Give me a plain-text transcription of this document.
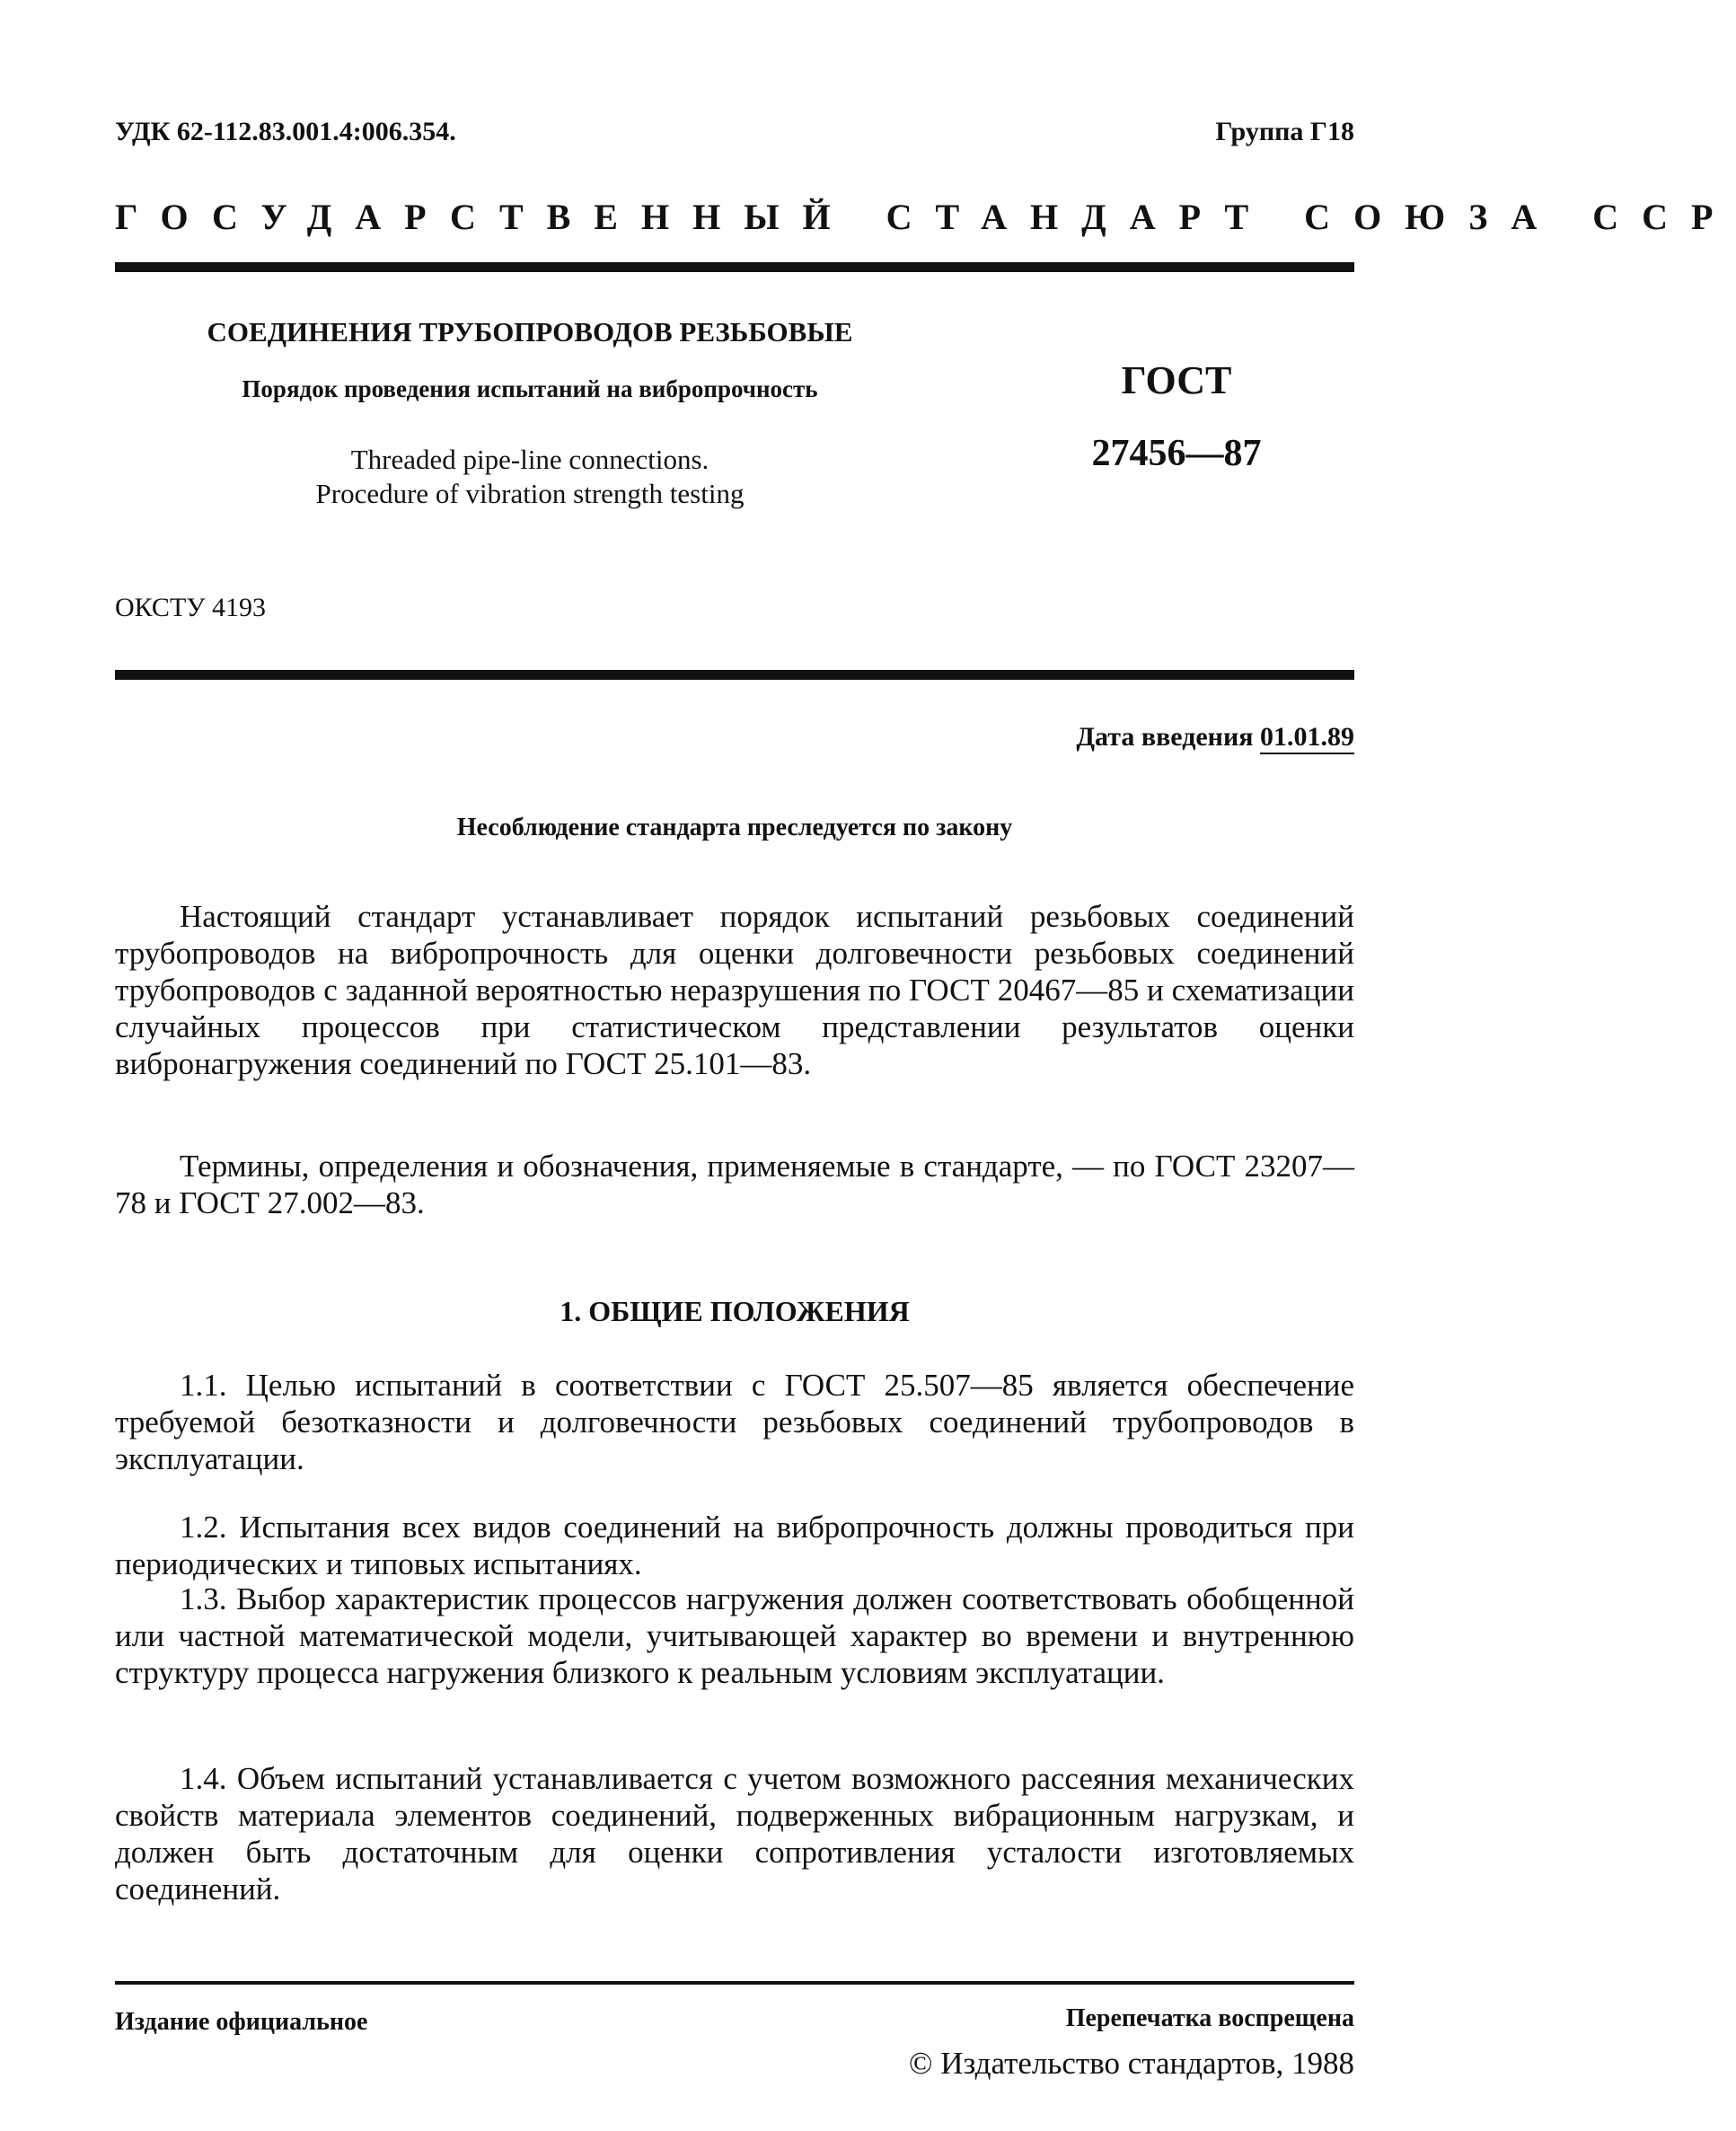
УДК 62-112.83.001.4:006.354.	Группа Г18
ГОСУДАРСТВЕННЫЙ СТАНДАРТ СОЮЗА ССР

СОЕДИНЕНИЯ ТРУБОПРОВОДОВ РЕЗЬБОВЫЕ

Порядок проведения испытаний на вибропрочность

Threaded pipe-line connections.

Procedure of vibration strength testing

ГОСТ

27456—87

ОКСТУ 4193
Дата введения 01.01.89
Несоблюдение стандарта преследуется по закону
Настоящий стандарт устанавливает порядок испытаний резьбовых соединений трубопроводов на вибропрочность для оценки долговечности резьбовых соединений трубопроводов с заданной вероятностью неразрушения по ГОСТ 20467—85 и схематизации случайных процессов при статистическом представлении результатов оценки вибронагружения соединений по ГОСТ 25.101—83.
Термины, определения и обозначения, применяемые в стандарте, — по ГОСТ 23207—78 и ГОСТ 27.002—83.
1. ОБЩИЕ ПОЛОЖЕНИЯ
1.1. Целью испытаний в соответствии с ГОСТ 25.507—85 является обеспечение требуемой безотказности и долговечности резьбовых соединений трубопроводов в эксплуатации.
1.2. Испытания всех видов соединений на вибропрочность должны проводиться при периодических и типовых испытаниях.
1.3. Выбор характеристик процессов нагружения должен соответствовать обобщенной или частной математической модели, учитывающей характер во времени и внутреннюю структуру процесса нагружения близкого к реальным условиям эксплуатации.
1.4. Объем испытаний устанавливается с учетом возможного рассеяния механических свойств материала элементов соединений, подверженных вибрационным нагрузкам, и должен быть достаточным для оценки сопротивления усталости изготовляемых соединений.
Издание официальное	Перепечатка воспрещена
© Издательство стандартов, 1988
